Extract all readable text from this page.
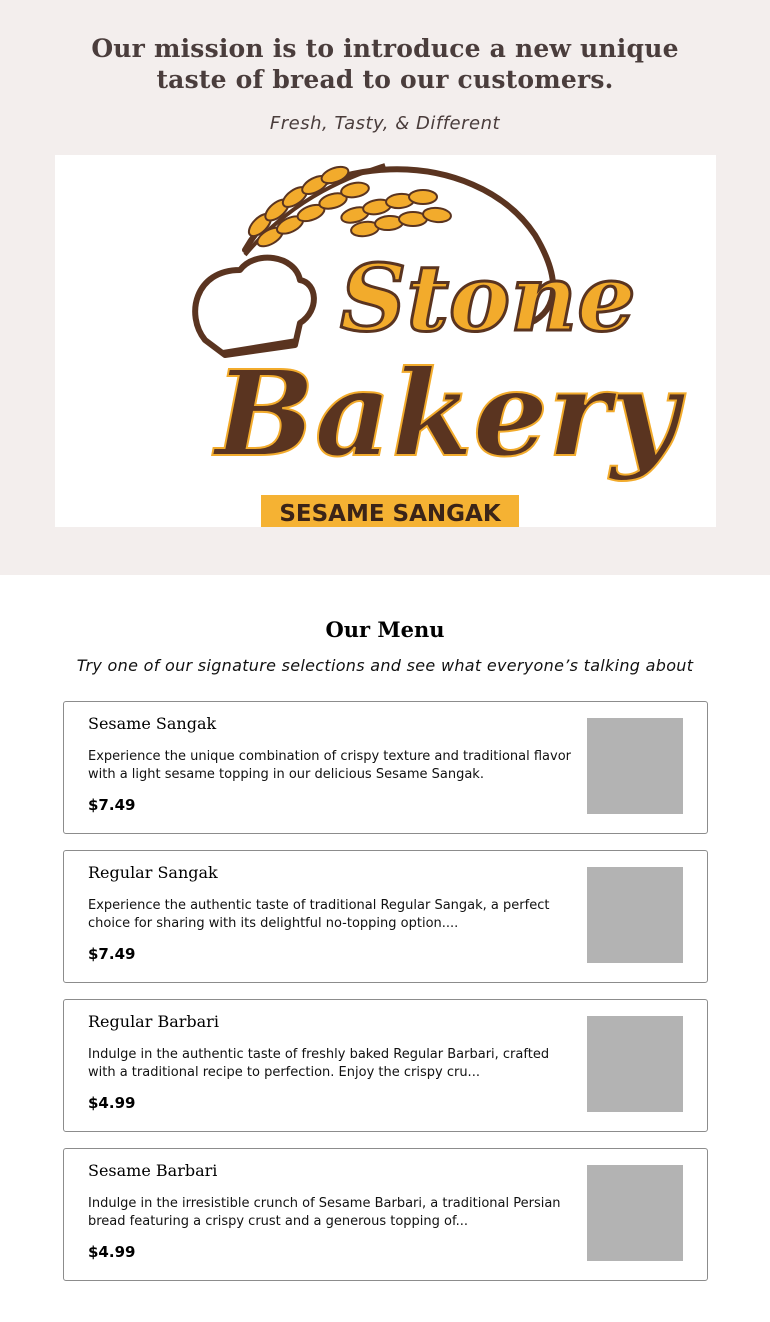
Our mission is to introduce a new unique taste of bread to our customers.
Fresh, Tasty, & Different
Stone
Bakery
SESAME SANGAK
Our Menu
Try one of our signature selections and see what everyone’s talking about
Sesame Sangak
Experience the unique combination of crispy texture and traditional flavor with a light sesame topping in our delicious Sesame Sangak.
$7.49
Regular Sangak
Experience the authentic taste of traditional Regular Sangak, a perfect choice for sharing with its delightful no-topping option....
$7.49
Regular Barbari
Indulge in the authentic taste of freshly baked Regular Barbari, crafted with a traditional recipe to perfection. Enjoy the crispy cru...
$4.99
Sesame Barbari
Indulge in the irresistible crunch of Sesame Barbari, a traditional Persian bread featuring a crispy crust and a generous topping of...
$4.99
